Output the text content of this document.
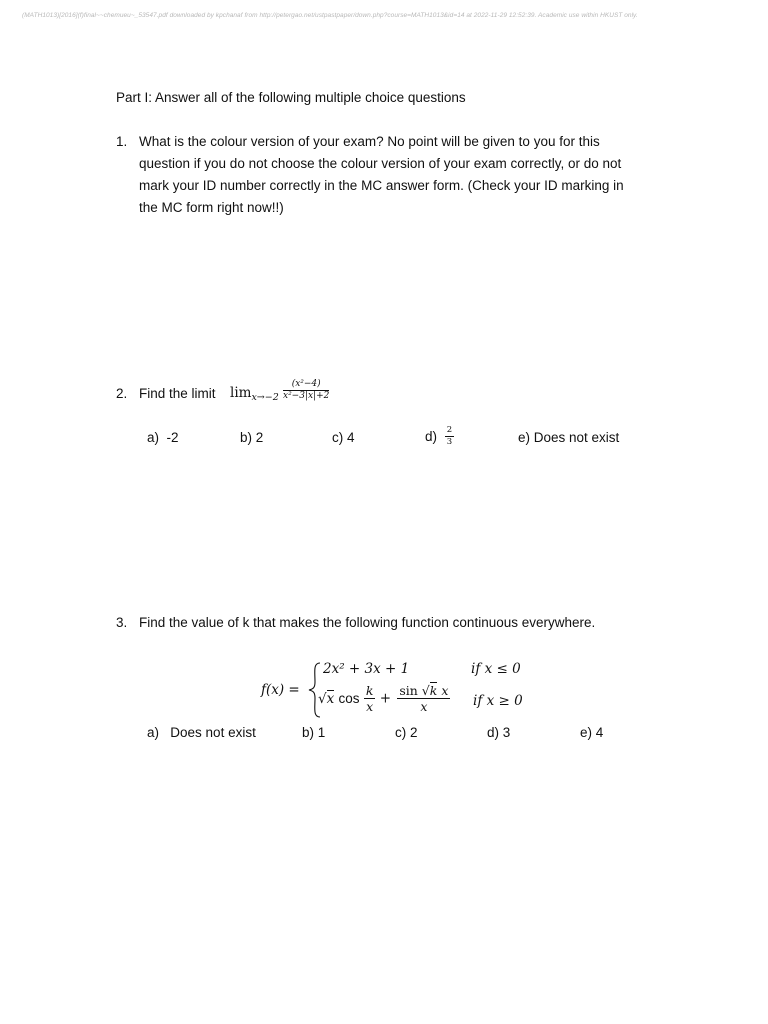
(MATH1013)[2016](f)final~~chemueu~_53547.pdf downloaded by kpchanaf from http://petergao.net/ustpastpaper/down.php?course=MATH1013&id=14 at 2022-11-29 12:52:39. Academic use within HKUST only.
Part I: Answer all of the following multiple choice questions
1. What is the colour version of your exam? No point will be given to you for this
question if you do not choose the colour version of your exam correctly, or do not
mark your ID number correctly in the MC answer form. (Check your ID marking in
the MC form right now!!)
2. Find the limit $\lim_{x\to-2} \frac{\text{(x²−4)}}{\text{x²−3|x|+2}}$
a) -2	b) 2	c) 4	$d) \frac{2}{3}$	e) Does not exist
3. Find the value of k that makes the following function continuous everywhere.
f(x) =
2x² + 3x + 1	if x ≤ 0
√x $\cos \frac{k}{x} + \frac{\text{sin √k x}}{x}$ if x ≥ 0
a) Does not exist	b) 1	c) 2	d) 3	e) 4
